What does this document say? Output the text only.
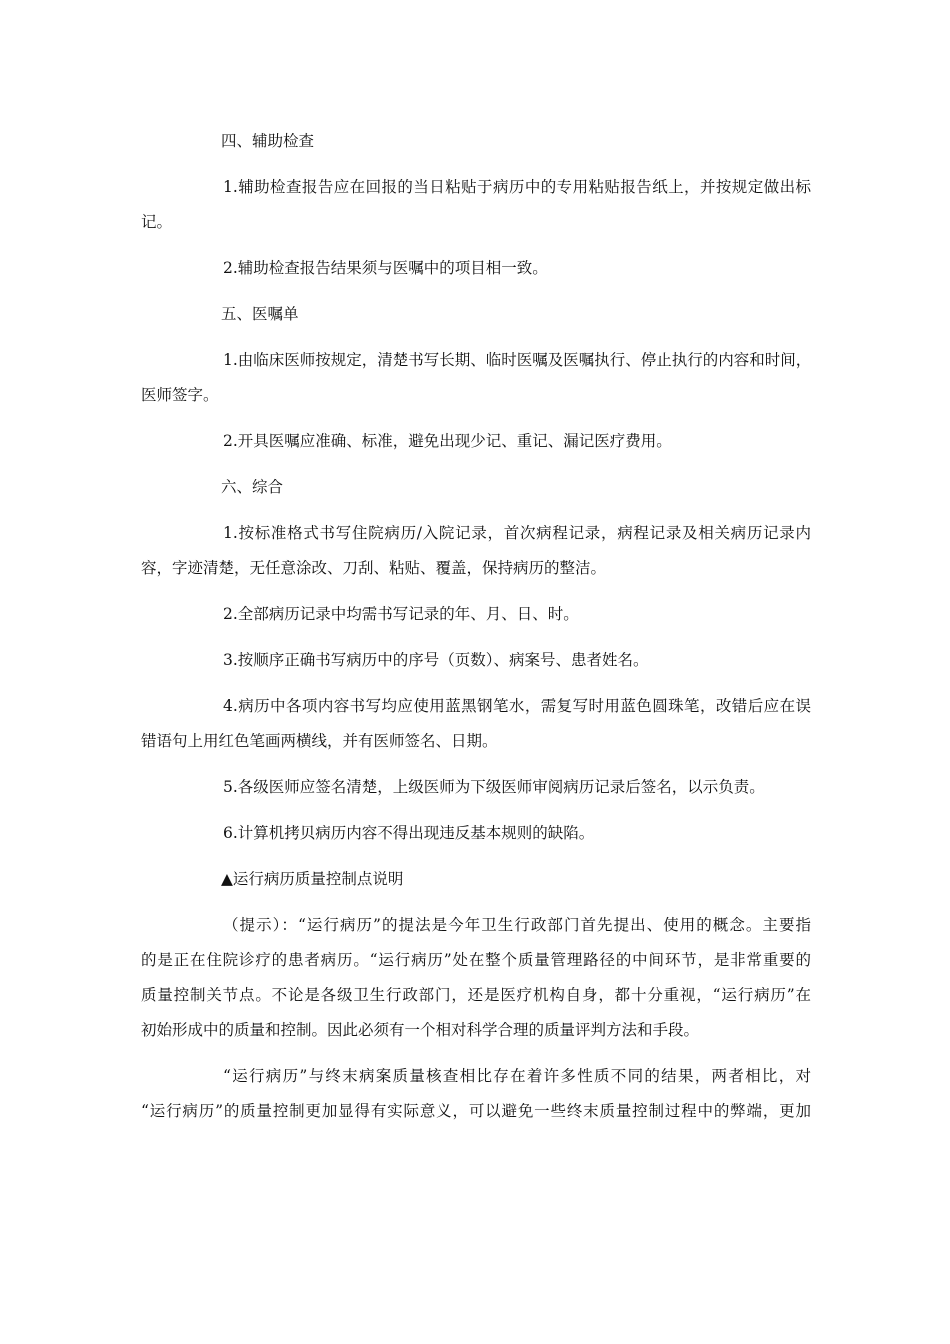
四、辅助检查

1.辅助检查报告应在回报的当日粘贴于病历中的专用粘贴报告纸上，并按规定做出标

记。

2.辅助检查报告结果须与医嘱中的项目相一致。

五、医嘱单

1.由临床医师按规定，清楚书写长期、临时医嘱及医嘱执行、停止执行的内容和时间，

医师签字。

2.开具医嘱应准确、标准，避免出现少记、重记、漏记医疗费用。

六、综合

1.按标准格式书写住院病历/入院记录，首次病程记录，病程记录及相关病历记录内

容，字迹清楚，无任意涂改、刀刮、粘贴、覆盖，保持病历的整洁。

2.全部病历记录中均需书写记录的年、月、日、时。

3.按顺序正确书写病历中的序号（页数）、病案号、患者姓名。

4.病历中各项内容书写均应使用蓝黑钢笔水，需复写时用蓝色圆珠笔，改错后应在误

错语句上用红色笔画两横线，并有医师签名、日期。

5.各级医师应签名清楚，上级医师为下级医师审阅病历记录后签名，以示负责。

6.计算机拷贝病历内容不得出现违反基本规则的缺陷。

▲运行病历质量控制点说明

（提示）：“运行病历”的提法是今年卫生行政部门首先提出、使用的概念。主要指

的是正在住院诊疗的患者病历。“运行病历”处在整个质量管理路径的中间环节，是非常重要的

质量控制关节点。不论是各级卫生行政部门，还是医疗机构自身，都十分重视，“运行病历”在

初始形成中的质量和控制。因此必须有一个相对科学合理的质量评判方法和手段。

“运行病历”与终末病案质量核查相比存在着许多性质不同的结果，两者相比，对

“运行病历”的质量控制更加显得有实际意义，可以避免一些终末质量控制过程中的弊端，更加
